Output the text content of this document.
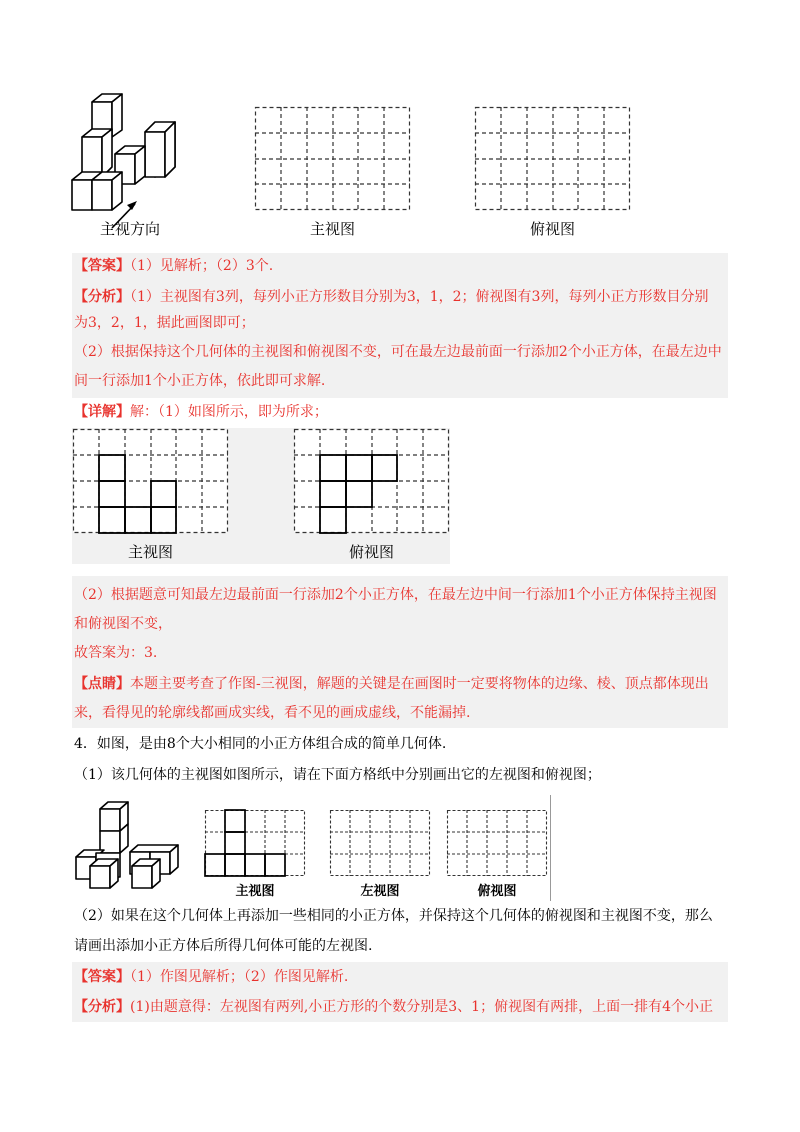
主视方向	主视图	俯视图
【答案】（1）见解析；（2）3个.
【分析】（1）主视图有3列，每列小正方形数目分别为3，1，2；俯视图有3列，每列小正方形数目分别
为3，2，1，据此画图即可；
（2）根据保持这个几何体的主视图和俯视图不变，可在最左边最前面一行添加2个小正方体，在最左边中
间一行添加1个小正方体，依此即可求解.
【详解】解：（1）如图所示，即为所求；
主视图	俯视图
（2）根据题意可知最左边最前面一行添加2个小正方体，在最左边中间一行添加1个小正方体保持主视图
和俯视图不变，
故答案为：3.
【点睛】本题主要考查了作图-三视图，解题的关键是在画图时一定要将物体的边缘、棱、顶点都体现出
来，看得见的轮廓线都画成实线，看不见的画成虚线，不能漏掉.
4．如图，是由8个大小相同的小正方体组合成的简单几何体.
（1）该几何体的主视图如图所示，请在下面方格纸中分别画出它的左视图和俯视图；
主视图	左视图	俯视图
（2）如果在这个几何体上再添加一些相同的小正方体，并保持这个几何体的俯视图和主视图不变，那么
请画出添加小正方体后所得几何体可能的左视图.
【答案】（1）作图见解析；（2）作图见解析.
【分析】(1)由题意得：左视图有两列,小正方形的个数分别是3、1；俯视图有两排，上面一排有4个小正
